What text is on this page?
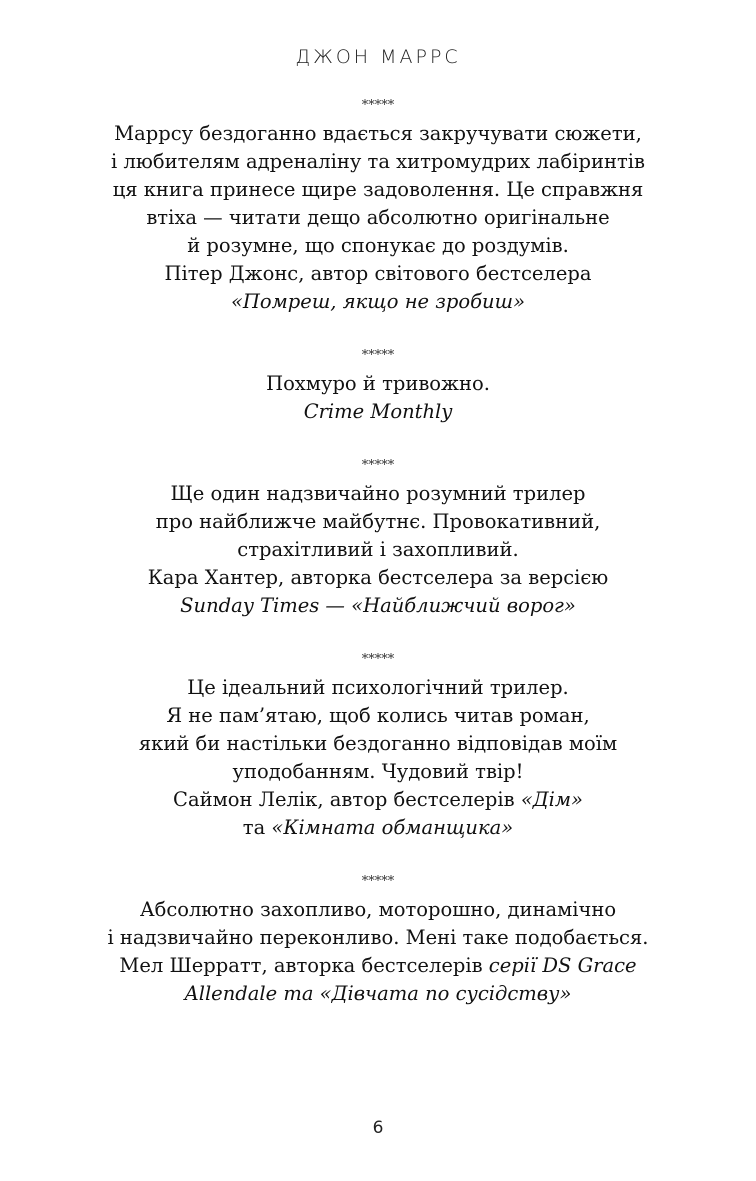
ДЖОН МАРРС
*****
Маррсу бездоганно вдається закручувати сюжети,
і любителям адреналіну та хитромудрих лабіринтів
ця книга принесе щире задоволення. Це справжня
втіха — читати дещо абсолютно оригінальне
й розумне, що спонукає до роздумів.
Пітер Джонс, автор світового бестселера
«Помреш, якщо не зробиш»
*****
Похмуро й тривожно.
Crime Monthly
*****
Ще один надзвичайно розумний трилер
про найближче майбутнє. Провокативний,
страхітливий і захопливий.
Кара Хантер, авторка бестселера за версією
Sunday Times — «Найближчий ворог»
*****
Це ідеальний психологічний трилер.
Я не пам’ятаю, щоб колись читав роман,
який би настільки бездоганно відповідав моїм
уподобанням. Чудовий твір!
Саймон Лелік, автор бестселерів «Дім»
та «Кімната обманщика»
*****
Абсолютно захопливо, моторошно, динамічно
і надзвичайно переконливо. Мені таке подобається.
Мел Шерратт, авторка бестселерів серії DS Grace
Allendale та «Дівчата по сусідству»
6
